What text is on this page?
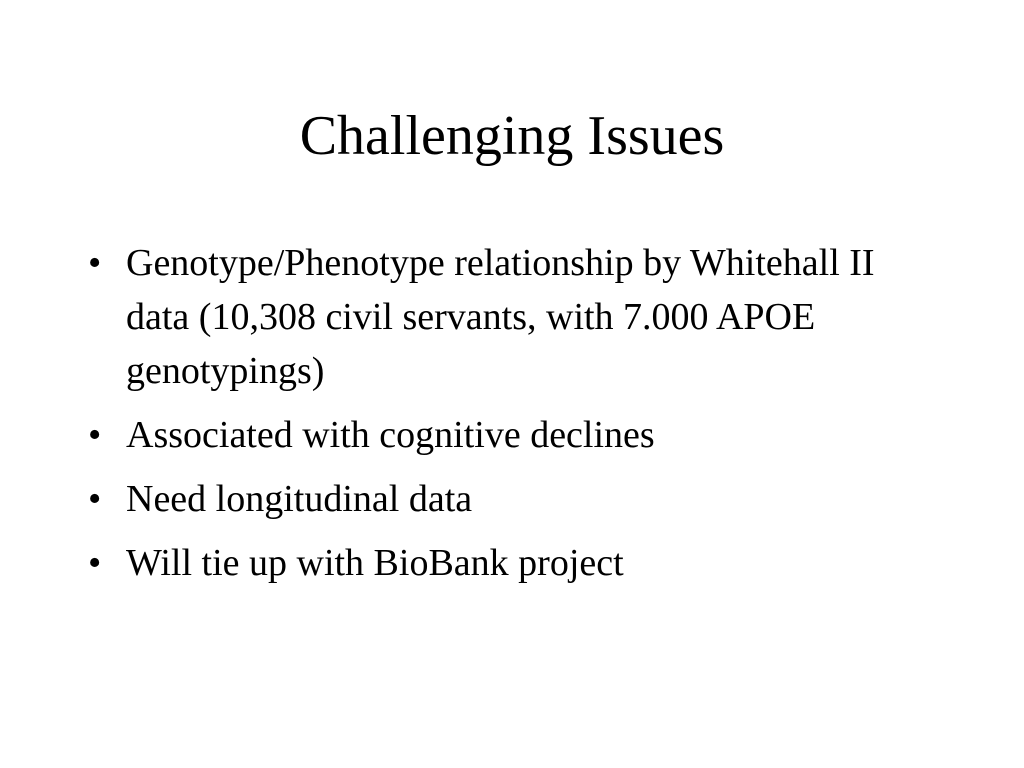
Challenging Issues
• Genotype/Phenotype relationship by Whitehall II data (10,308 civil servants, with 7.000 APOE genotypings)
• Associated with cognitive declines
• Need longitudinal data
• Will tie up with BioBank project
